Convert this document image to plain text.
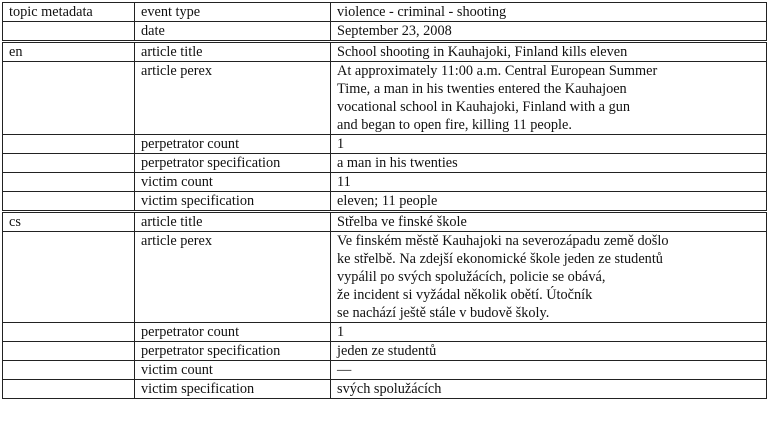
topic metadata	event type	violence - criminal - shooting
	date	September 23, 2008
en	article title	School shooting in Kauhajoki, Finland kills eleven
	article perex	At approximately 11:00 a.m. Central European Summer
Time, a man in his twenties entered the Kauhajoen
vocational school in Kauhajoki, Finland with a gun
and began to open fire, killing 11 people.

	perpetrator count	1
	perpetrator specification	a man in his twenties
	victim count	11
	victim specification	eleven; 11 people
cs	article title	Střelba ve finské škole
	article perex	Ve finském městě Kauhajoki na severozápadu země došlo
ke střelbě. Na zdejší ekonomické škole jeden ze studentů
vypálil po svých spolužácích, policie se obává,
že incident si vyžádal několik obětí. Útočník
se nachází ještě stále v budově školy.

	perpetrator count	1
	perpetrator specification	jeden ze studentů
	victim count	—
	victim specification	svých spolužácích
